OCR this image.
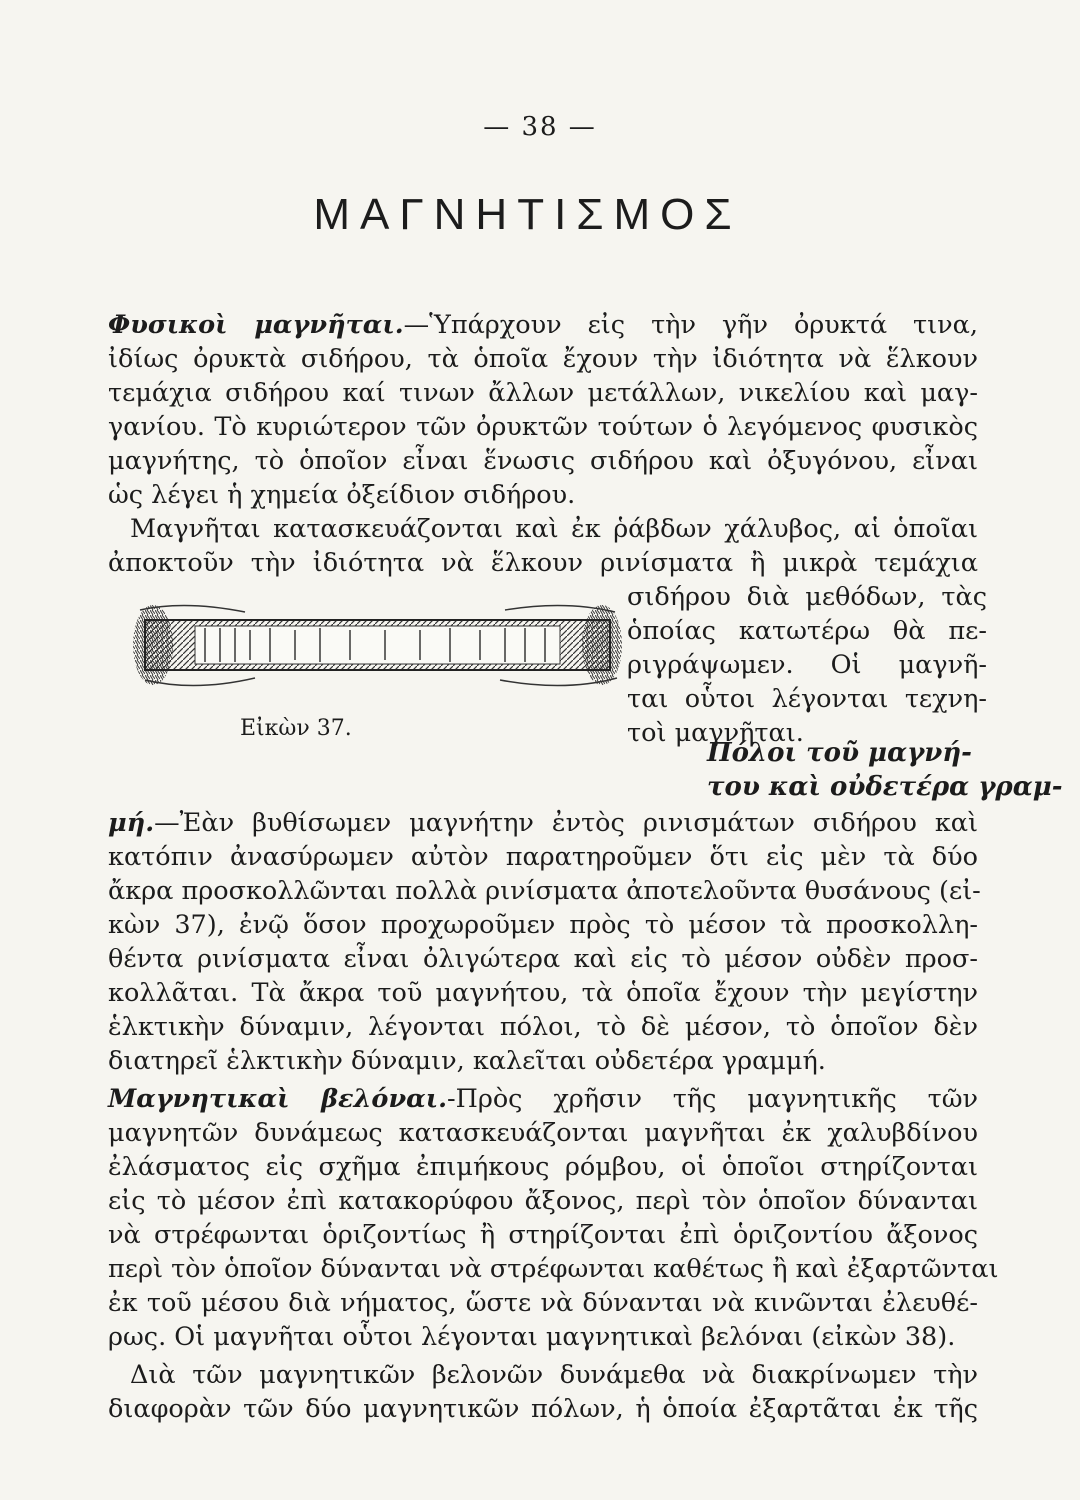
— 38 —
ΜΑΓΝΗΤΙΣΜΟΣ
Φυσικοὶ μαγνῆται.—Ὑπάρχουν εἰς τὴν γῆν ὀρυκτά τινα,
ἰδίως ὀρυκτὰ σιδήρου, τὰ ὁποῖα ἔχουν τὴν ἰδιότητα νὰ ἕλκουν
τεμάχια σιδήρου καί τινων ἄλλων μετάλλων, νικελίου καὶ μαγ-
γανίου. Τὸ κυριώτερον τῶν ὀρυκτῶν τούτων ὁ λεγόμενος φυσικὸς
μαγνήτης, τὸ ὁποῖον εἶναι ἕνωσις σιδήρου καὶ ὀξυγόνου, εἶναι
ὡς λέγει ἡ χημεία ὀξείδιον σιδήρου.
Μαγνῆται κατασκευάζονται καὶ ἐκ ῥάβδων χάλυβος, αἱ ὁποῖαι
ἀποκτοῦν τὴν ἰδιότητα νὰ ἕλκουν ρινίσματα ἢ μικρὰ τεμάχια
σιδήρου διὰ μεθόδων, τὰς
ὁποίας κατωτέρω θὰ πε-
ριγράψωμεν. Οἱ μαγνῆ-
ται οὗτοι λέγονται τεχνη-
τοὶ μαγνῆται.
Εἰκὼν 37.
Πόλοι τοῦ μαγνή-
του καὶ οὐδετέρα γραμ-
μή.—Ἐὰν βυθίσωμεν μαγνήτην ἐντὸς ρινισμάτων σιδήρου καὶ
κατόπιν ἀνασύρωμεν αὐτὸν παρατηροῦμεν ὅτι εἰς μὲν τὰ δύο
ἄκρα προσκολλῶνται πολλὰ ρινίσματα ἀποτελοῦντα θυσάνους (εἰ-
κὼν 37), ἐνῷ ὅσον προχωροῦμεν πρὸς τὸ μέσον τὰ προσκολλη-
θέντα ρινίσματα εἶναι ὀλιγώτερα καὶ εἰς τὸ μέσον οὐδὲν προσ-
κολλᾶται. Τὰ ἄκρα τοῦ μαγνήτου, τὰ ὁποῖα ἔχουν τὴν μεγίστην
ἑλκτικὴν δύναμιν, λέγονται πόλοι, τὸ δὲ μέσον, τὸ ὁποῖον δὲν
διατηρεῖ ἑλκτικὴν δύναμιν, καλεῖται οὐδετέρα γραμμή.
Μαγνητικαὶ βελόναι.-Πρὸς χρῆσιν τῆς μαγνητικῆς τῶν
μαγνητῶν δυνάμεως κατασκευάζονται μαγνῆται ἐκ χαλυβδίνου
ἐλάσματος εἰς σχῆμα ἐπιμήκους ρόμβου, οἱ ὁποῖοι στηρίζονται
εἰς τὸ μέσον ἐπὶ κατακορύφου ἄξονος, περὶ τὸν ὁποῖον δύνανται
νὰ στρέφωνται ὁριζοντίως ἢ στηρίζονται ἐπὶ ὁριζοντίου ἄξονος
περὶ τὸν ὁποῖον δύνανται νὰ στρέφωνται καθέτως ἢ καὶ ἐξαρτῶνται
ἐκ τοῦ μέσου διὰ νήματος, ὥστε νὰ δύνανται νὰ κινῶνται ἐλευθέ-
ρως. Οἱ μαγνῆται οὗτοι λέγονται μαγνητικαὶ βελόναι (εἰκὼν 38).
Διὰ τῶν μαγνητικῶν βελονῶν δυνάμεθα νὰ διακρίνωμεν τὴν
διαφορὰν τῶν δύο μαγνητικῶν πόλων, ἡ ὁποία ἐξαρτᾶται ἐκ τῆς
